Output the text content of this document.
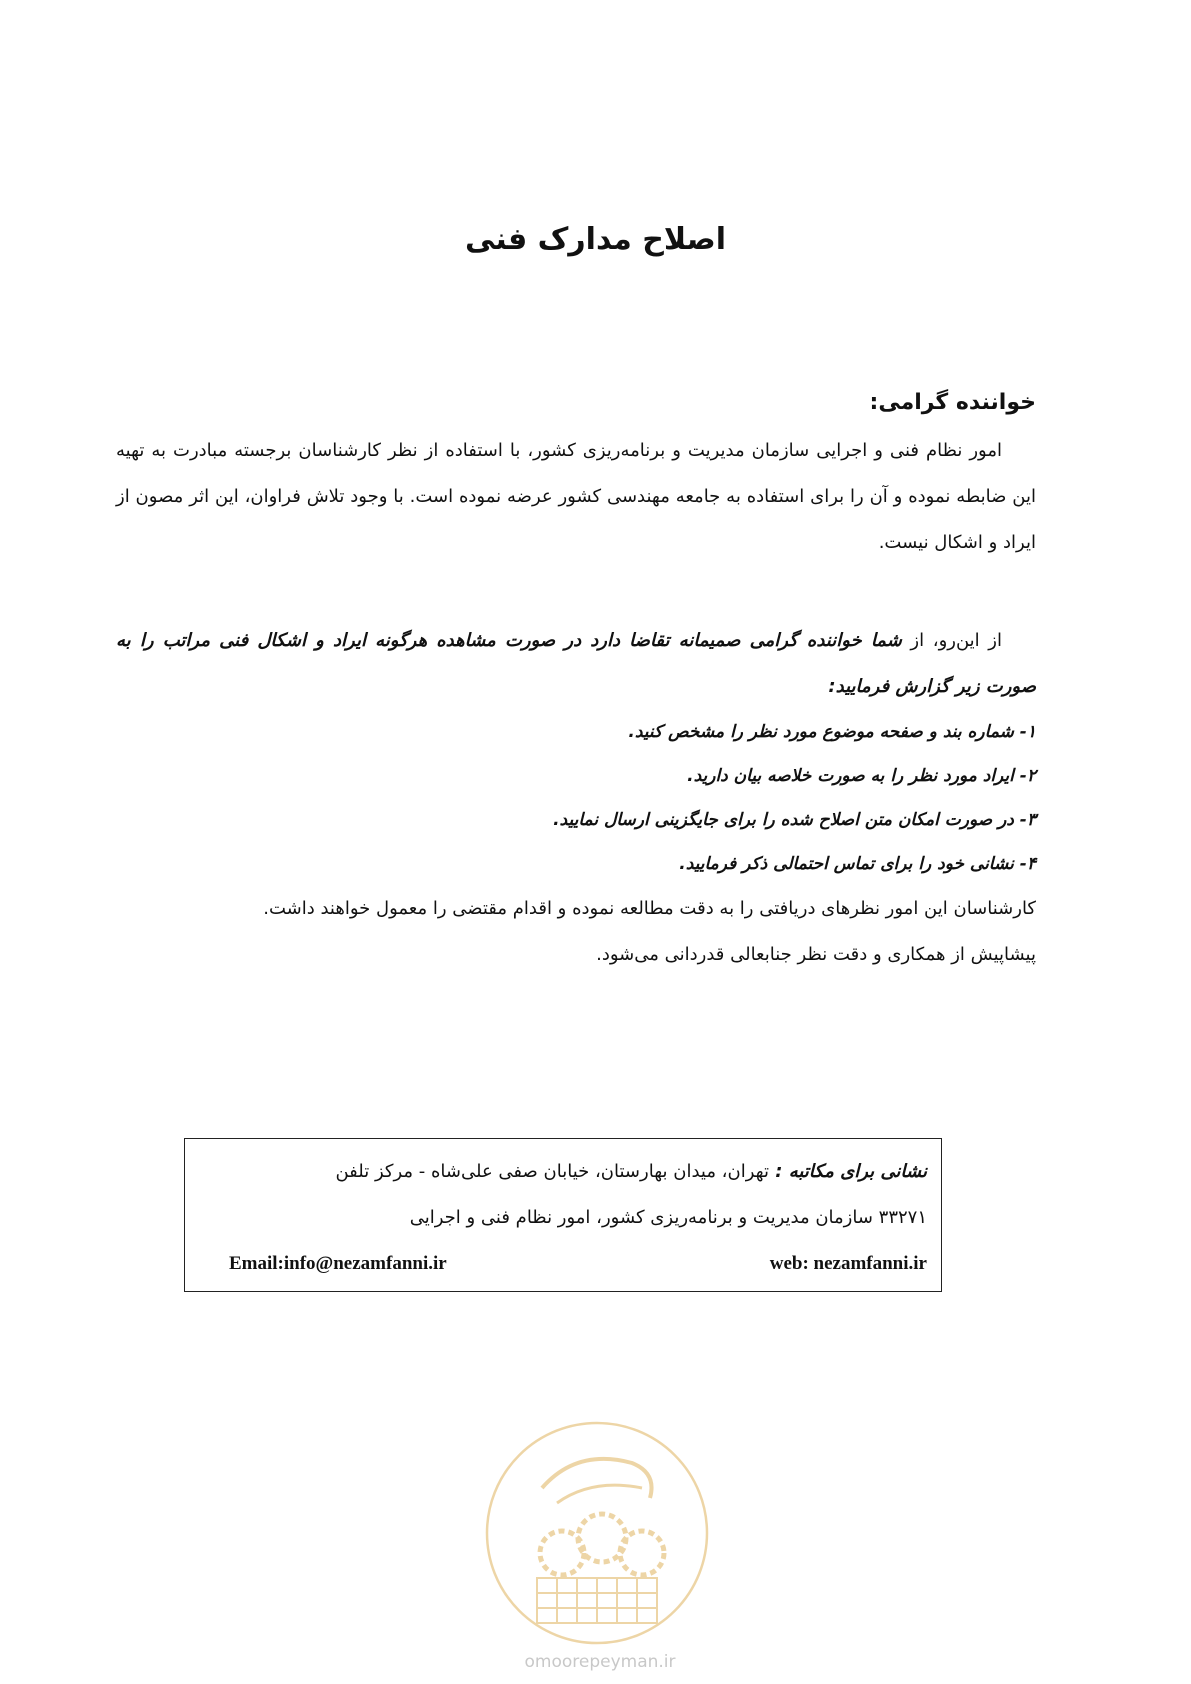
اصلاح مدارک فنی
خواننده گرامی:

امور نظام فنی و اجرایی سازمان مدیریت و برنامه‌ریزی کشور، با استفاده از نظر کارشناسان برجسته مبادرت به تهیه این ضابطه نموده و آن را برای استفاده به جامعه مهندسی کشور عرضه نموده است. با وجود تلاش فراوان، این اثر مصون از ایراد و اشکال نیست.

از این‌رو، از شما خواننده گرامی صمیمانه تقاضا دارد در صورت مشاهده هرگونه ایراد و اشکال فنی مراتب را به صورت زیر گزارش فرمایید:

۱- شماره بند و صفحه موضوع مورد نظر را مشخص کنید.
۲- ایراد مورد نظر را به صورت خلاصه بیان دارید.
۳- در صورت امکان متن اصلاح شده را برای جایگزینی ارسال نمایید.
۴- نشانی خود را برای تماس احتمالی ذکر فرمایید.

کارشناسان این امور نظرهای دریافتی را به دقت مطالعه نموده و اقدام مقتضی را معمول خواهند داشت.

پیشاپیش از همکاری و دقت نظر جنابعالی قدردانی می‌شود.

نشانی برای مکاتبه : تهران، میدان بهارستان، خیابان صفی علی‌شاه - مرکز تلفن

۳۳۲۷۱ سازمان مدیریت و برنامه‌ریزی کشور، امور نظام فنی و اجرایی

web: nezamfanni.ir
Email:info@nezamfanni.ir
omoorepeyman.ir
